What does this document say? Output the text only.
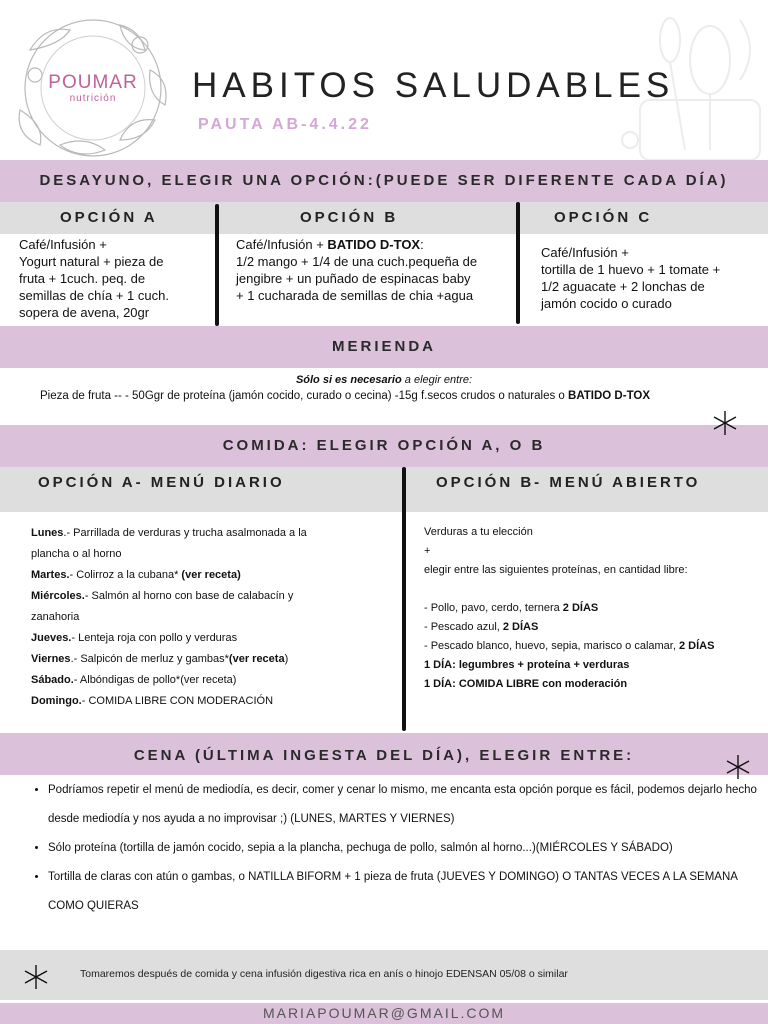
POUMAR
nutrición	HABITOS SALUDABLES
PAUTA AB-4.4.22
DESAYUNO, ELEGIR UNA OPCIÓN:(PUEDE SER DIFERENTE CADA DÍA)
OPCIÓN A	OPCIÓN B	OPCIÓN C
Café/Infusión +
Yogurt natural + pieza de
fruta + 1cuch. peq. de
semillas de chía + 1 cuch.
sopera de avena, 20gr
Café/Infusión + BATIDO D-TOX:
1/2 mango + 1/4 de una cuch.pequeña de
jengibre + un puñado de espinacas baby
+ 1 cucharada de semillas de chia +agua
Café/Infusión +
tortilla de 1 huevo + 1 tomate +
1/2 aguacate + 2 lonchas de
jamón cocido o curado
MERIENDA
Sólo si es necesario a elegir entre:
Pieza de fruta -- - 50Ggr de proteína (jamón cocido, curado o cecina) -15g f.secos crudos o naturales o BATIDO D-TOX
COMIDA: ELEGIR OPCIÓN A, O B
OPCIÓN A- MENÚ DIARIO	OPCIÓN B- MENÚ ABIERTO
Lunes.- Parrillada de verduras y trucha asalmonada a la
plancha o al horno
Martes.- Colirroz a la cubana* (ver receta)
Miércoles.- Salmón al horno con base de calabacín y
zanahoria
Jueves.- Lenteja roja con pollo y verduras
Viernes.- Salpicón de merluz y gambas*(ver receta)
Sábado.- Albóndigas de pollo*(ver receta)
Domingo.- COMIDA LIBRE CON MODERACIÓN
Verduras a tu elección
+
elegir entre las siguientes proteínas, en cantidad libre:
- Pollo, pavo, cerdo, ternera 2 DÍAS
- Pescado azul, 2 DÍAS
- Pescado blanco, huevo, sepia, marisco o calamar, 2 DÍAS
1 DÍA: legumbres + proteína + verduras
1 DÍA: COMIDA LIBRE con moderación
CENA (ÚLTIMA INGESTA DEL DÍA), ELEGIR ENTRE:
• Podríamos repetir el menú de mediodía, es decir, comer y cenar lo mismo, me encanta esta opción porque es fácil, podemos dejarlo hecho desde mediodía y nos ayuda a no improvisar ;) (LUNES, MARTES Y VIERNES)
• Sólo proteína (tortilla de jamón cocido, sepia a la plancha, pechuga de pollo, salmón al horno...)(MIÉRCOLES Y SÁBADO)
• Tortilla de claras con atún o gambas, o NATILLA BIFORM + 1 pieza de fruta (JUEVES Y DOMINGO) O TANTAS VECES A LA SEMANA COMO QUIERAS
Tomaremos después de comida y cena infusión digestiva rica en anís o hinojo EDENSAN 05/08 o similar
MARIAPOUMAR@GMAIL.COM
